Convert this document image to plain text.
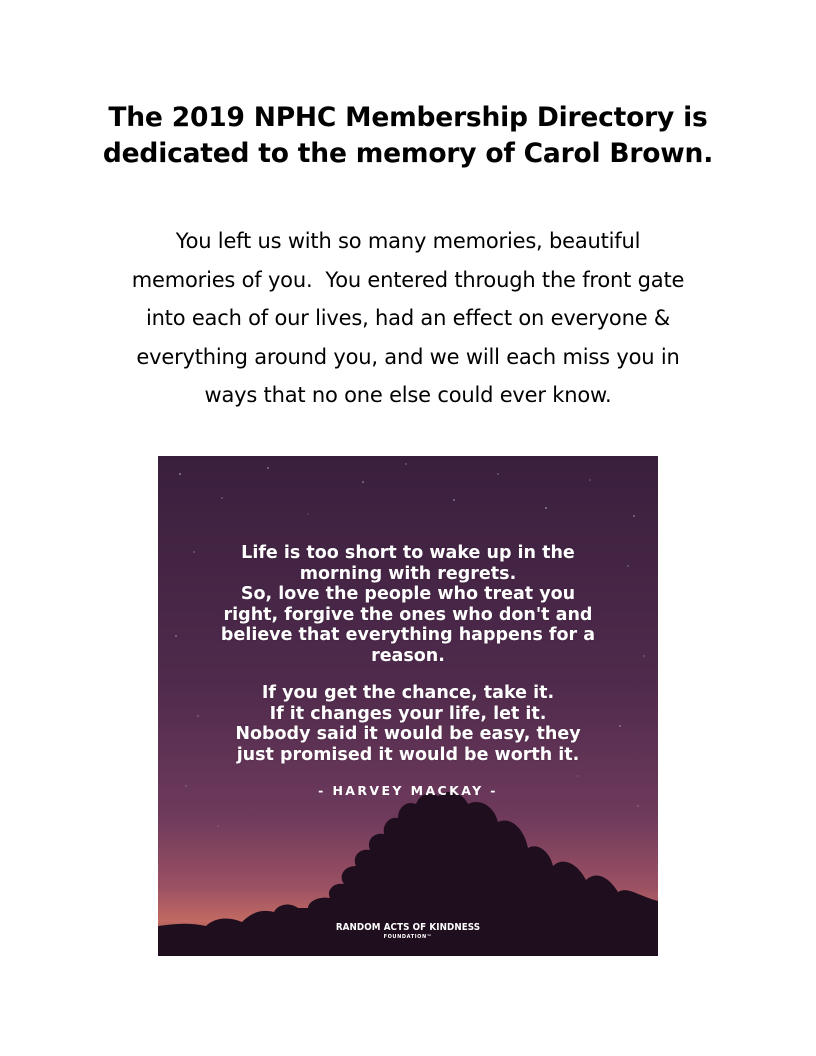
The 2019 NPHC Membership Directory is
dedicated to the memory of Carol Brown.
You left us with so many memories, beautiful
memories of you.  You entered through the front gate
into each of our lives, had an effect on everyone &
everything around you, and we will each miss you in
ways that no one else could ever know.
Life is too short to wake up in the
morning with regrets.
So, love the people who treat you
right, forgive the ones who don't and
believe that everything happens for a
reason.
If you get the chance, take it.
If it changes your life, let it.
Nobody said it would be easy, they
just promised it would be worth it.
- HARVEY MACKAY -
RANDOM ACTS OF KINDNESS
FOUNDATION™
